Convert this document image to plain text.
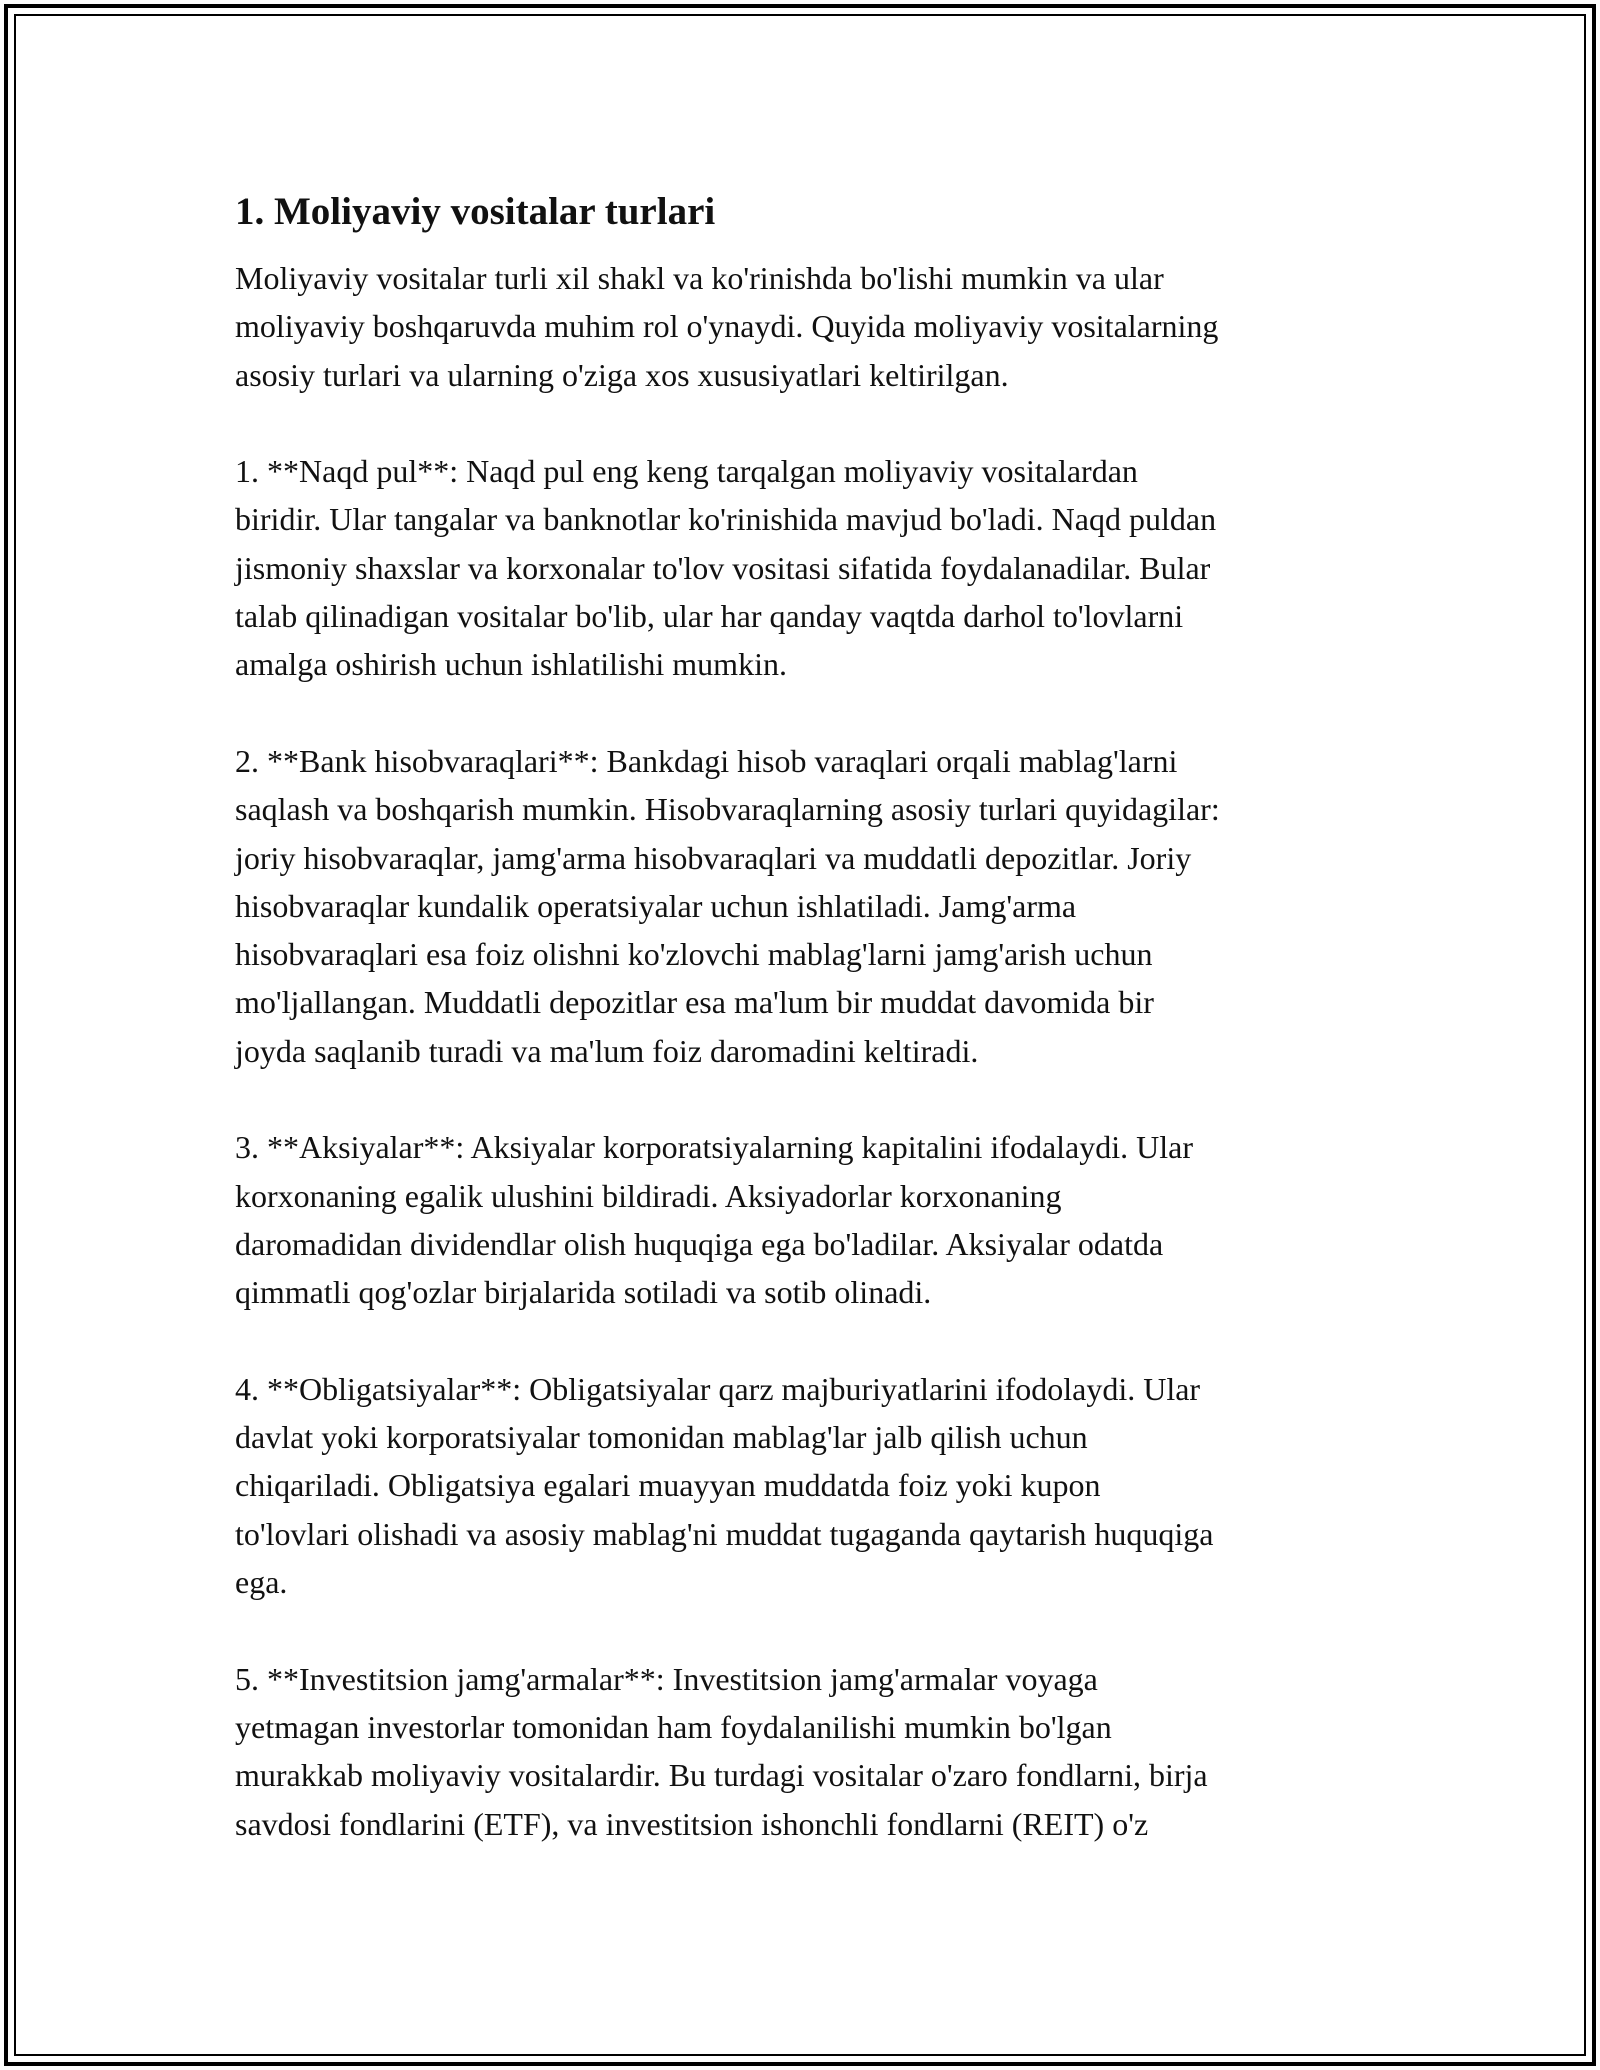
1. Moliyaviy vositalar turlari

Moliyaviy vositalar turli xil shakl va ko'rinishda bo'lishi mumkin va ular
moliyaviy boshqaruvda muhim rol o'ynaydi. Quyida moliyaviy vositalarning
asosiy turlari va ularning o'ziga xos xususiyatlari keltirilgan.

1. **Naqd pul**: Naqd pul eng keng tarqalgan moliyaviy vositalardan
biridir. Ular tangalar va banknotlar ko'rinishida mavjud bo'ladi. Naqd puldan
jismoniy shaxslar va korxonalar to'lov vositasi sifatida foydalanadilar. Bular
talab qilinadigan vositalar bo'lib, ular har qanday vaqtda darhol to'lovlarni
amalga oshirish uchun ishlatilishi mumkin.

2. **Bank hisobvaraqlari**: Bankdagi hisob varaqlari orqali mablag'larni
saqlash va boshqarish mumkin. Hisobvaraqlarning asosiy turlari quyidagilar:
joriy hisobvaraqlar, jamg'arma hisobvaraqlari va muddatli depozitlar. Joriy
hisobvaraqlar kundalik operatsiyalar uchun ishlatiladi. Jamg'arma
hisobvaraqlari esa foiz olishni ko'zlovchi mablag'larni jamg'arish uchun
mo'ljallangan. Muddatli depozitlar esa ma'lum bir muddat davomida bir
joyda saqlanib turadi va ma'lum foiz daromadini keltiradi.

3. **Aksiyalar**: Aksiyalar korporatsiyalarning kapitalini ifodalaydi. Ular
korxonaning egalik ulushini bildiradi. Aksiyadorlar korxonaning
daromadidan dividendlar olish huquqiga ega bo'ladilar. Aksiyalar odatda
qimmatli qog'ozlar birjalarida sotiladi va sotib olinadi.

4. **Obligatsiyalar**: Obligatsiyalar qarz majburiyatlarini ifodolaydi. Ular
davlat yoki korporatsiyalar tomonidan mablag'lar jalb qilish uchun
chiqariladi. Obligatsiya egalari muayyan muddatda foiz yoki kupon
to'lovlari olishadi va asosiy mablag'ni muddat tugaganda qaytarish huquqiga
ega.

5. **Investitsion jamg'armalar**: Investitsion jamg'armalar voyaga
yetmagan investorlar tomonidan ham foydalanilishi mumkin bo'lgan
murakkab moliyaviy vositalardir. Bu turdagi vositalar o'zaro fondlarni, birja
savdosi fondlarini (ETF), va investitsion ishonchli fondlarni (REIT) o'z
